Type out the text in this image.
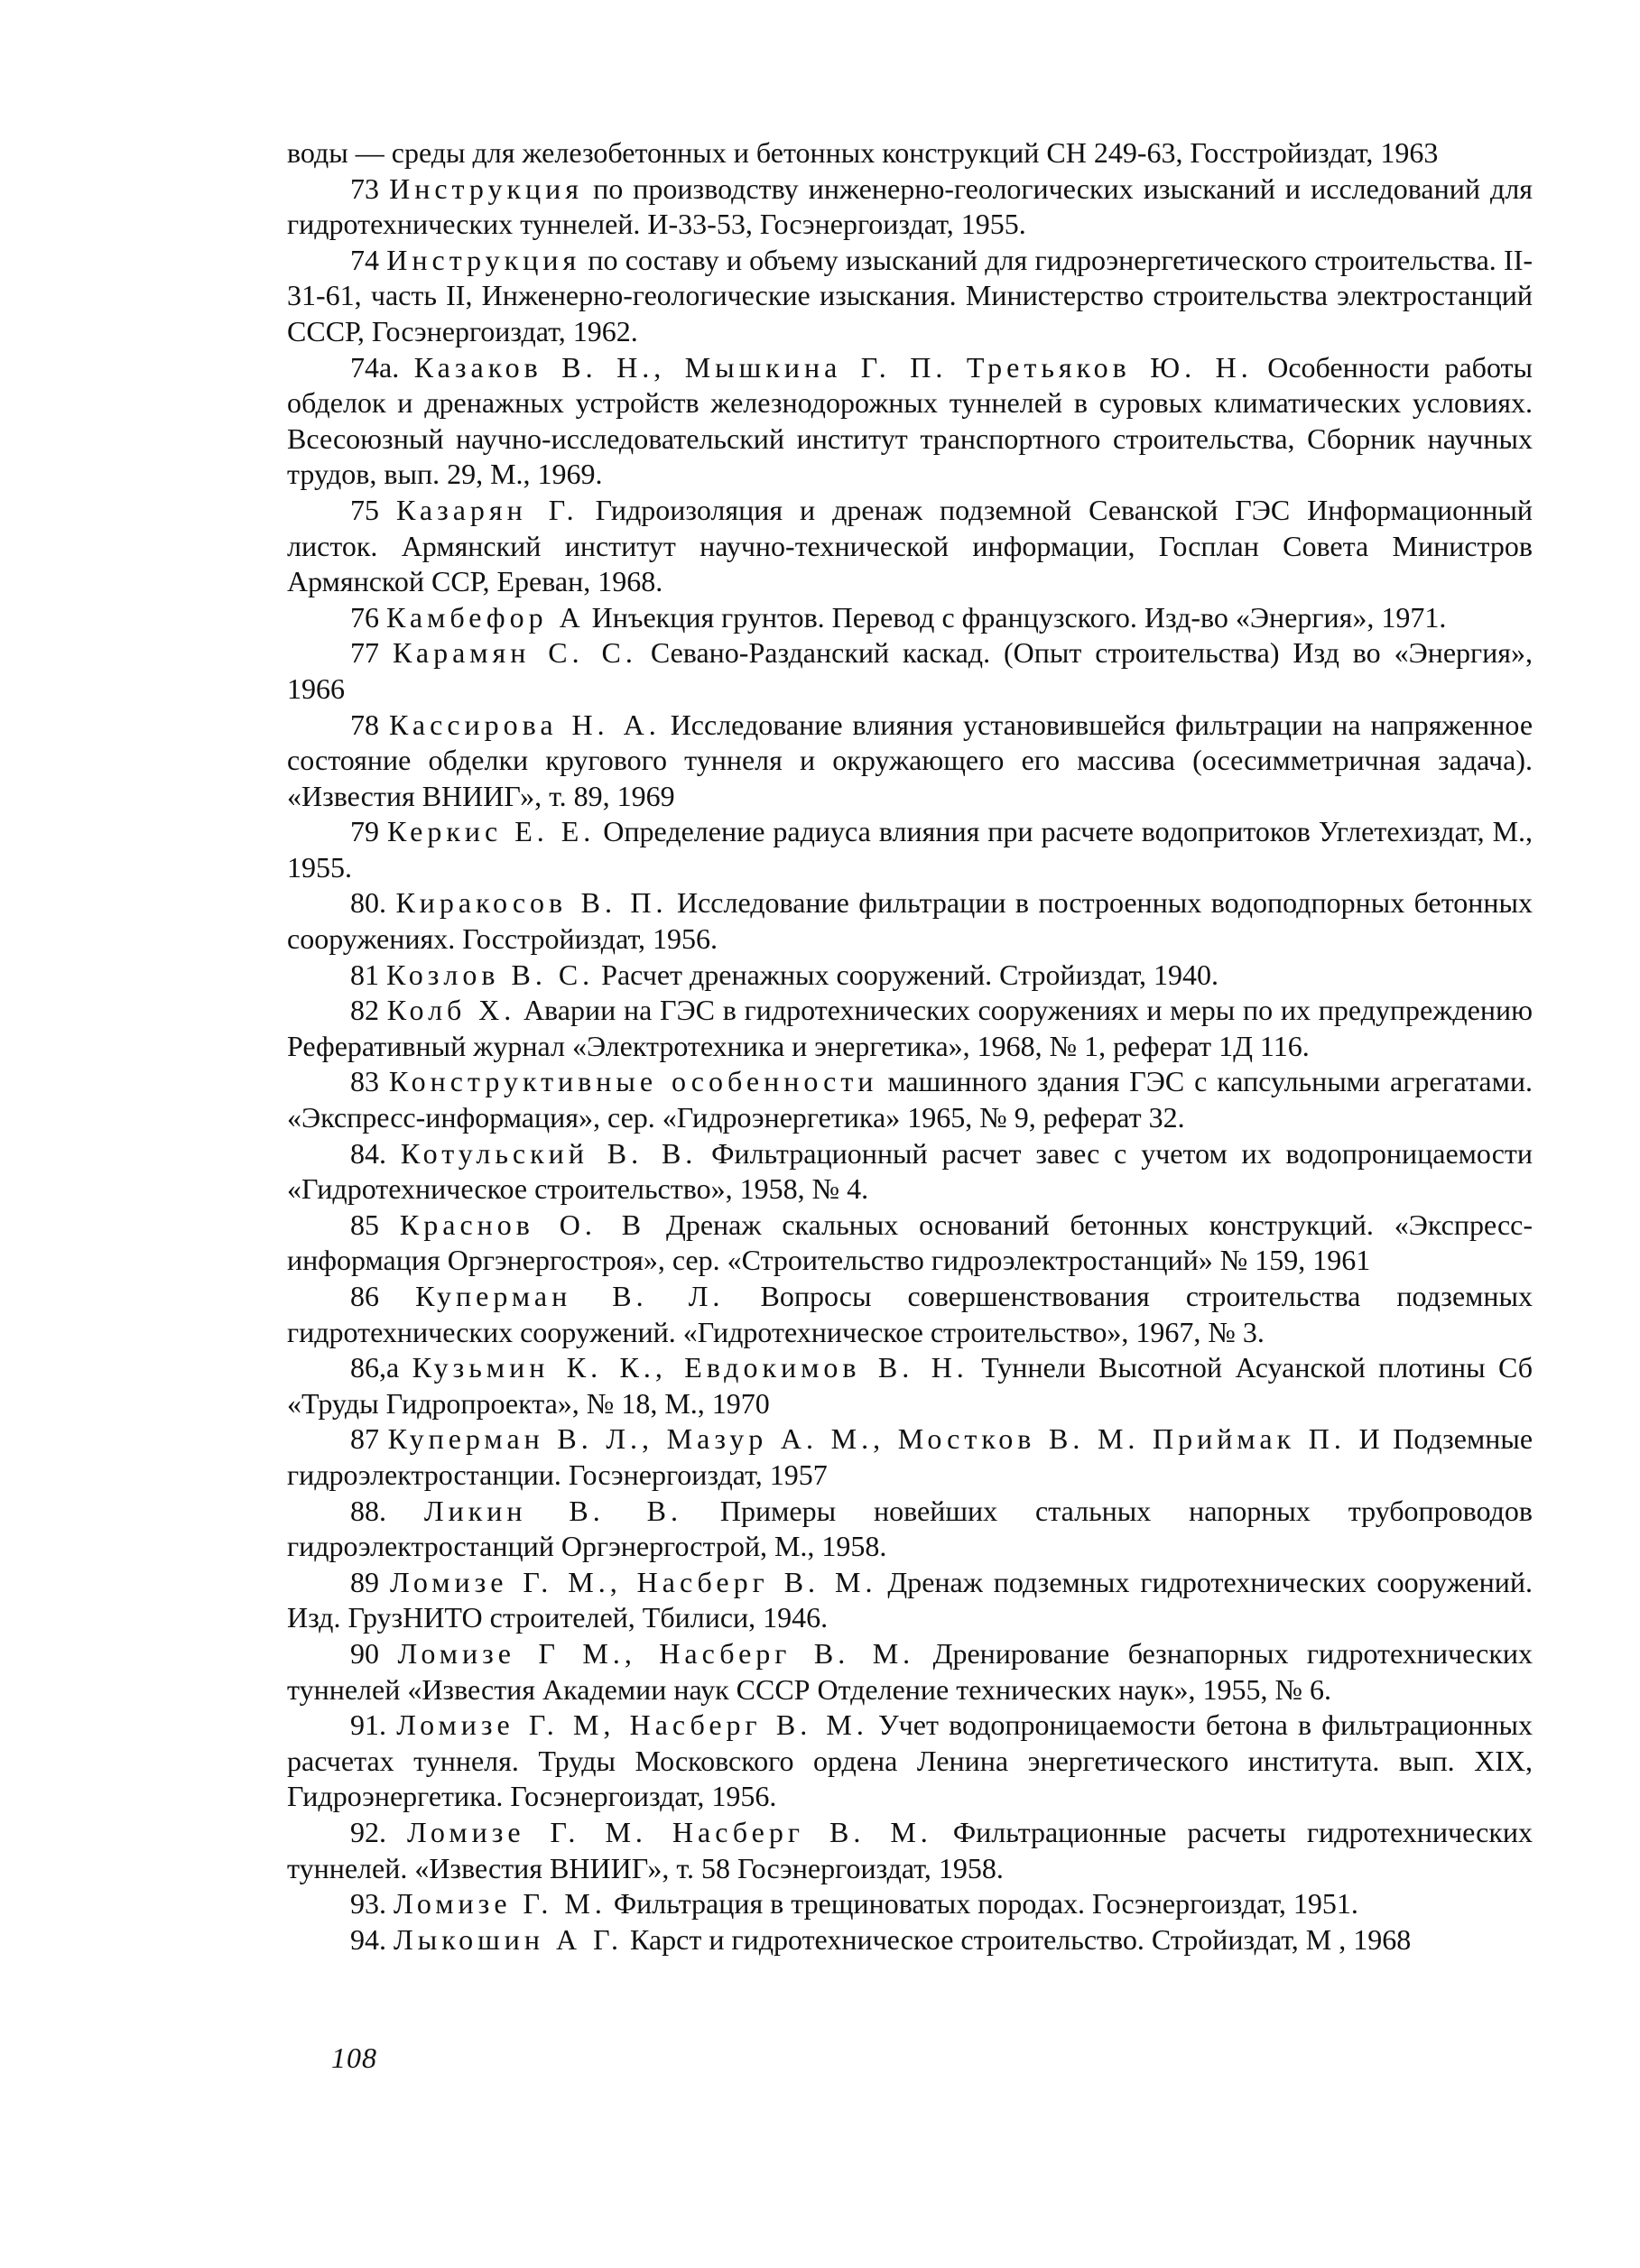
воды — среды для железобетонных и бетонных конструкций СН 249-63, Госстройиздат, 1963

73 Инструкция по производству инженерно-геологических изысканий и исследований для гидротехнических туннелей. И-33-53, Госэнергоиздат, 1955.

74 Инструкция по составу и объему изысканий для гидроэнергетического строительства. II-31-61, часть II, Инженерно-геологические изыскания. Министерство строительства электростанций СССР, Госэнергоиздат, 1962.

74а. Казаков В. Н., Мышкина Г. П. Третьяков Ю. Н. Особенности работы обделок и дренажных устройств железнодорожных туннелей в суровых климатических условиях. Всесоюзный научно-исследовательский институт транспортного строительства, Сборник научных трудов, вып. 29, М., 1969.

75 Казарян Г. Гидроизоляция и дренаж подземной Севанской ГЭС Информационный листок. Армянский институт научно-технической информации, Госплан Совета Министров Армянской ССР, Ереван, 1968.

76 Камбефор А Инъекция грунтов. Перевод с французского. Изд-во «Энергия», 1971.

77 Карамян С. С. Севано-Разданский каскад. (Опыт строительства) Изд во «Энергия», 1966

78 Кассирова Н. А. Исследование влияния установившейся фильтрации на напряженное состояние обделки кругового туннеля и окружающего его массива (осесимметричная задача). «Известия ВНИИГ», т. 89, 1969

79 Керкис Е. Е. Определение радиуса влияния при расчете водопритоков Углетехиздат, М., 1955.

80. Киракосов В. П. Исследование фильтрации в построенных водоподпорных бетонных сооружениях. Госстройиздат, 1956.

81 Козлов В. С. Расчет дренажных сооружений. Стройиздат, 1940.

82 Колб Х. Аварии на ГЭС в гидротехнических сооружениях и меры по их предупреждению Реферативный журнал «Электротехника и энергетика», 1968, № 1, реферат 1Д 116.

83 Конструктивные особенности машинного здания ГЭС с капсульными агрегатами. «Экспресс-информация», сер. «Гидроэнергетика» 1965, № 9, реферат 32.

84. Котульский В. В. Фильтрационный расчет завес с учетом их водопроницаемости «Гидротехническое строительство», 1958, № 4.

85 Краснов О. В Дренаж скальных оснований бетонных конструкций. «Экспресс-информация Оргэнергостроя», сер. «Строительство гидроэлектростанций» № 159, 1961

86 Куперман В. Л. Вопросы совершенствования строительства подземных гидротехнических сооружений. «Гидротехническое строительство», 1967, № 3.

86,а Кузьмин К. К., Евдокимов В. Н. Туннели Высотной Асуанской плотины Сб «Труды Гидропроекта», № 18, М., 1970

87 Куперман В. Л., Мазур А. М., Мостков В. М. Приймак П. И Подземные гидроэлектростанции. Госэнергоиздат, 1957

88. Ликин В. В. Примеры новейших стальных напорных трубопроводов гидроэлектростанций Оргэнергострой, М., 1958.

89 Ломизе Г. М., Насберг В. М. Дренаж подземных гидротехнических сооружений. Изд. ГрузНИТО строителей, Тбилиси, 1946.

90 Ломизе Г М., Насберг В. М. Дренирование безнапорных гидротехнических туннелей «Известия Академии наук СССР Отделение технических наук», 1955, № 6.

91. Ломизе Г. М, Насберг В. М. Учет водопроницаемости бетона в фильтрационных расчетах туннеля. Труды Московского ордена Ленина энергетического института. вып. XIX, Гидроэнергетика. Госэнергоиздат, 1956.

92. Ломизе Г. М. Насберг В. М. Фильтрационные расчеты гидротехнических туннелей. «Известия ВНИИГ», т. 58 Госэнергоиздат, 1958.

93. Ломизе Г. М. Фильтрация в трещиноватых породах. Госэнергоиздат, 1951.

94. Лыкошин А Г. Карст и гидротехническое строительство. Стройиздат, М , 1968

108
